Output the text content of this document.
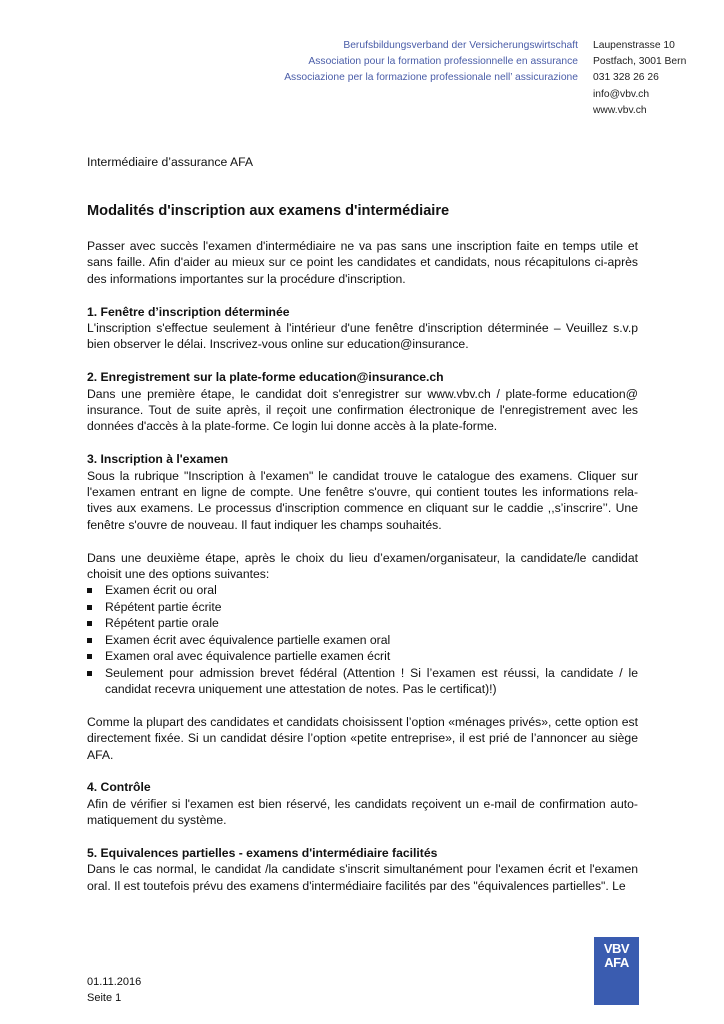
Berufsbildungsverband der Versicherungswirtschaft
Association pour la formation professionnelle en assurance
Associazione per la formazione professionale nell’ assicurazione
Laupenstrasse 10
Postfach, 3001 Bern
031 328 26 26
info@vbv.ch
www.vbv.ch
Intermédiaire d’assurance AFA
Modalités d'inscription aux examens d'intermédiaire

Passer avec succès l'examen d'intermédiaire ne va pas sans une inscription faite en temps utile et sans faille. Afin d'aider au mieux sur ce point les candidates et candidats, nous récapitulons ci-après des informations importantes sur la procédure d'inscription.

1. Fenêtre d’inscription déterminée

L'inscription s'effectue seulement à l'intérieur d'une fenêtre d'inscription déterminée – Veuillez s.v.p bien observer le délai. Inscrivez-vous online sur education@insurance.

2. Enregistrement sur la plate-forme education@insurance.ch

Dans une première étape, le candidat doit s'enregistrer sur www.vbv.ch / plate-forme education@ insurance. Tout de suite après, il reçoit une confirmation électronique de l'enregistrement avec les données d'accès à la plate-forme. Ce login lui donne accès à la plate-forme.

3. Inscription à l'examen

Sous la rubrique "Inscription à l'examen" le candidat trouve le catalogue des examens. Cliquer sur l'examen entrant en ligne de compte. Une fenêtre s'ouvre, qui contient toutes les informations rela-tives aux examens. Le processus d'inscription commence en cliquant sur le caddie ,,s’inscrire’’. Une fenêtre s'ouvre de nouveau. Il faut indiquer les champs souhaités.

Dans une deuxième étape, après le choix du lieu d’examen/organisateur, la candidate/le candidat choisit une des options suivantes:

Examen écrit ou oral
Répétent partie écrite
Répétent partie orale
Examen écrit avec équivalence partielle examen oral
Examen oral avec équivalence partielle examen écrit
Seulement pour admission brevet fédéral (Attention ! Si l’examen est réussi, la candidate / le candidat recevra uniquement une attestation de notes. Pas le certificat)!)

Comme la plupart des candidates et candidats choisissent l’option «ménages privés», cette option est directement fixée. Si un candidat désire l’option «petite entreprise», il est prié de l’annoncer au siège AFA.

4. Contrôle

Afin de vérifier si l'examen est bien réservé, les candidats reçoivent un e-mail de confirmation auto-matiquement du système.

5. Equivalences partielles - examens d'intermédiaire facilités

Dans le cas normal, le candidat /la candidate s'inscrit simultanément pour l'examen écrit et l'examen oral. Il est toutefois prévu des examens d'intermédiaire facilités par des "équivalences partielles". Le

01.11.2016
Seite 1
VBV
AFA
